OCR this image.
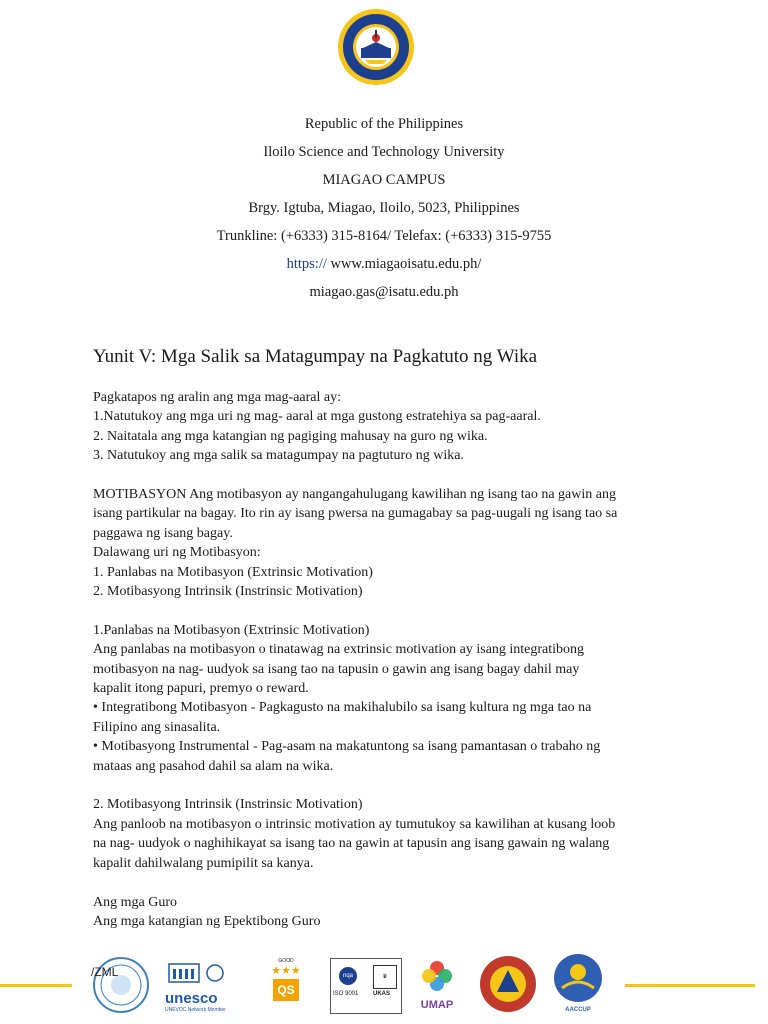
Republic of the Philippines
Iloilo Science and Technology University
MIAGAO CAMPUS
Brgy. Igtuba, Miagao, Iloilo, 5023, Philippines
Trunkline: (+6333) 315-8164/ Telefax: (+6333) 315-9755
https:// www.miagaoisatu.edu.ph/
miagao.gas@isatu.edu.ph
Yunit V: Mga Salik sa Matagumpay na Pagkatuto ng Wika

Pagkatapos ng aralin ang mga mag-aaral ay:
1.Natutukoy ang mga uri ng mag- aaral at mga gustong estratehiya sa pag-aaral.
2. Naitatala ang mga katangian ng pagiging mahusay na guro ng wika.
3. Natutukoy ang mga salik sa matagumpay na pagtuturo ng wika.

MOTIBASYON Ang motibasyon ay nangangahulugang kawilihan ng isang tao na gawin ang
isang partikular na bagay. Ito rin ay isang pwersa na gumagabay sa pag-uugali ng isang tao sa
paggawa ng isang bagay.
Dalawang uri ng Motibasyon:
1. Panlabas na Motibasyon (Extrinsic Motivation)
2. Motibasyong Intrinsik (Instrinsic Motivation)

1.Panlabas na Motibasyon (Extrinsic Motivation)
Ang panlabas na motibasyon o tinatawag na extrinsic motivation ay isang integratibong
motibasyon na nag- uudyok sa isang tao na tapusin o gawin ang isang bagay dahil may
kapalit itong papuri, premyo o reward.
• Integratibong Motibasyon - Pagkagusto na makihalubilo sa isang kultura ng mga tao na
Filipino ang sinasalita.
• Motibasyong Instrumental - Pag-asam na makatuntong sa isang pamantasan o trabaho ng
mataas ang pasahod dahil sa alam na wika.

2. Motibasyong Intrinsik (Instrinsic Motivation)
Ang panloob na motibasyon o intrinsic motivation ay tumutukoy sa kawilihan at kusang loob
na nag- uudyok o naghihikayat sa isang tao na gawin at tapusin ang isang gawain ng walang
kapalit dahilwalang pumipilit sa kanya.

Ang mga Guro
Ang mga katangian ng Epektibong Guro

/ZML
unesco
UNEVOC Network Member
GOOD
★★★
QS
nqa
ISO 9001
♛
UKAS
UMAP	AACCUP
